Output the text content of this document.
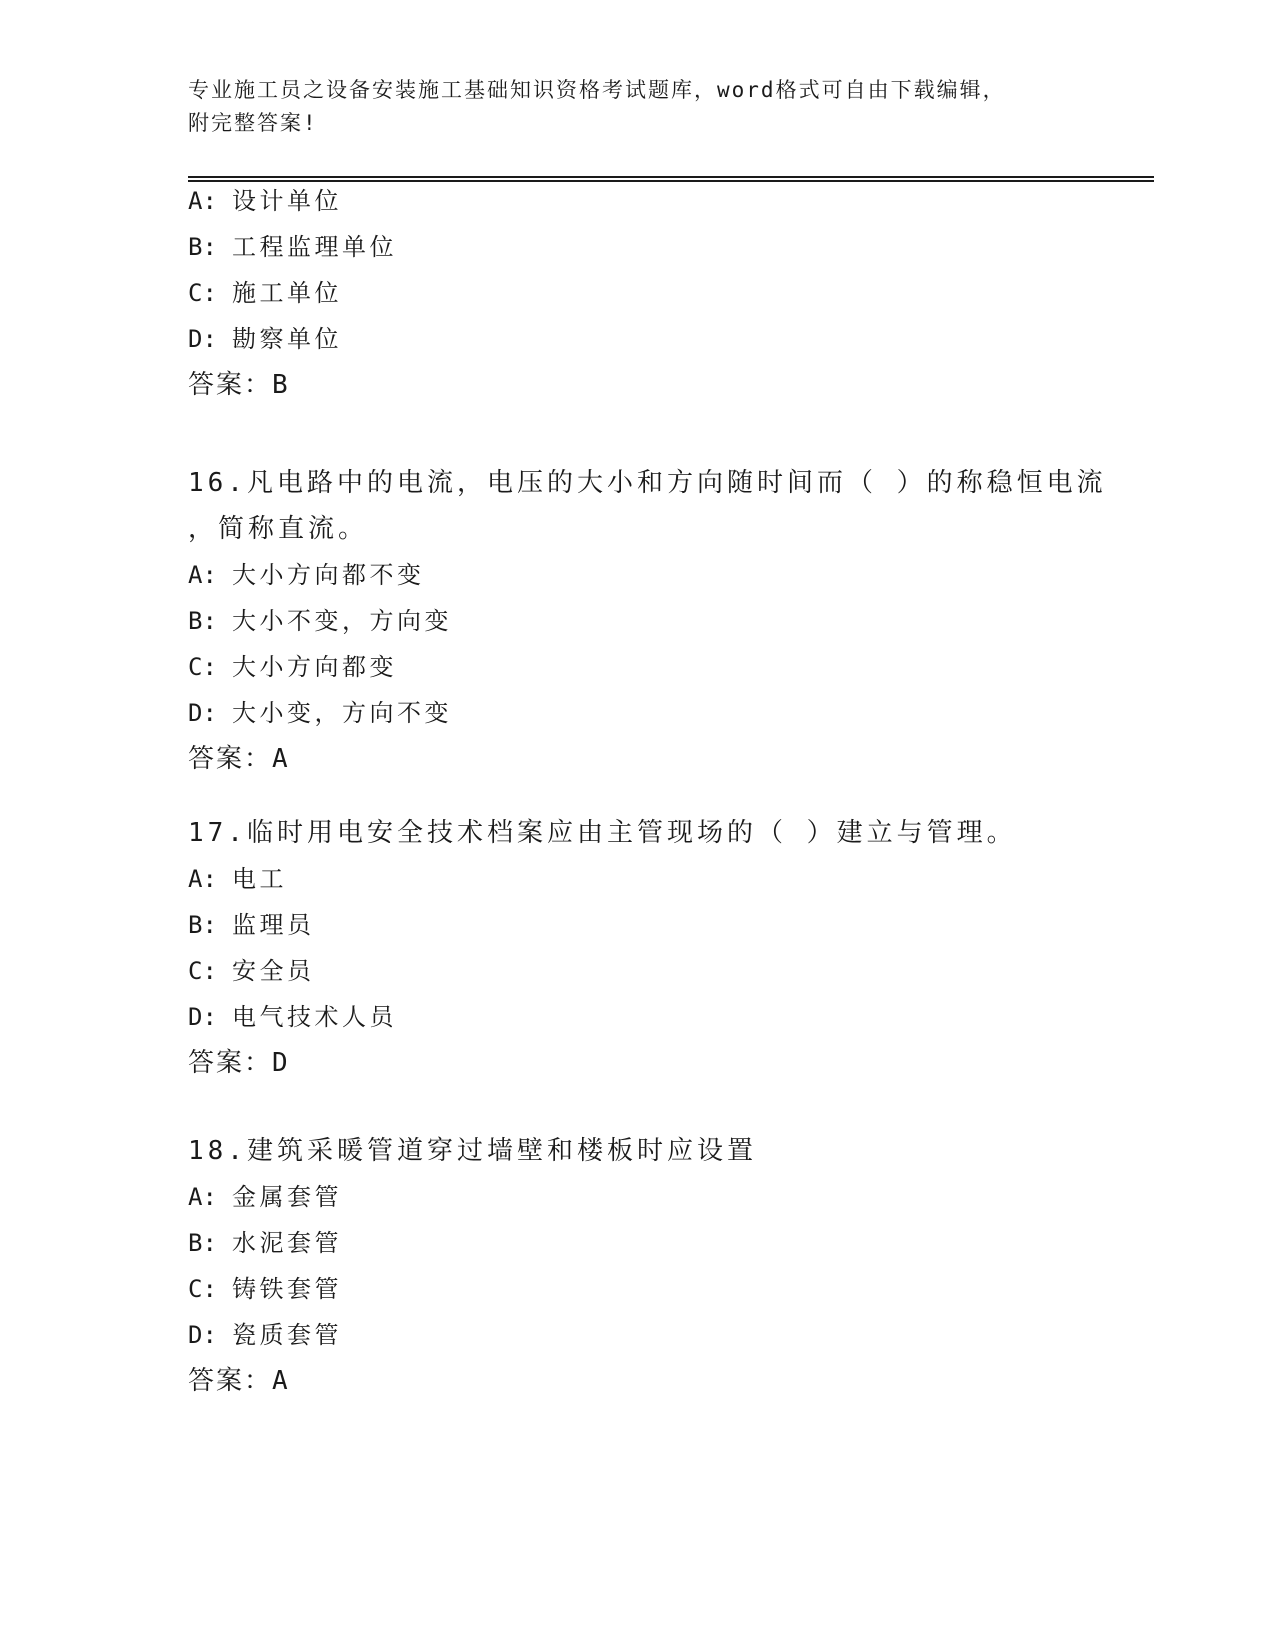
专业施工员之设备安装施工基础知识资格考试题库，word格式可自由下载编辑，
附完整答案!
A: 设计单位
B: 工程监理单位
C: 施工单位
D: 勘察单位
答案：B
16.凡电路中的电流，电压的大小和方向随时间而（ ）的称稳恒电流
，简称直流。
A: 大小方向都不变
B: 大小不变，方向变
C: 大小方向都变
D: 大小变，方向不变
答案：A
17.临时用电安全技术档案应由主管现场的（ ）建立与管理。
A: 电工
B: 监理员
C: 安全员
D: 电气技术人员
答案：D
18.建筑采暖管道穿过墙壁和楼板时应设置
A: 金属套管
B: 水泥套管
C: 铸铁套管
D: 瓷质套管
答案：A
